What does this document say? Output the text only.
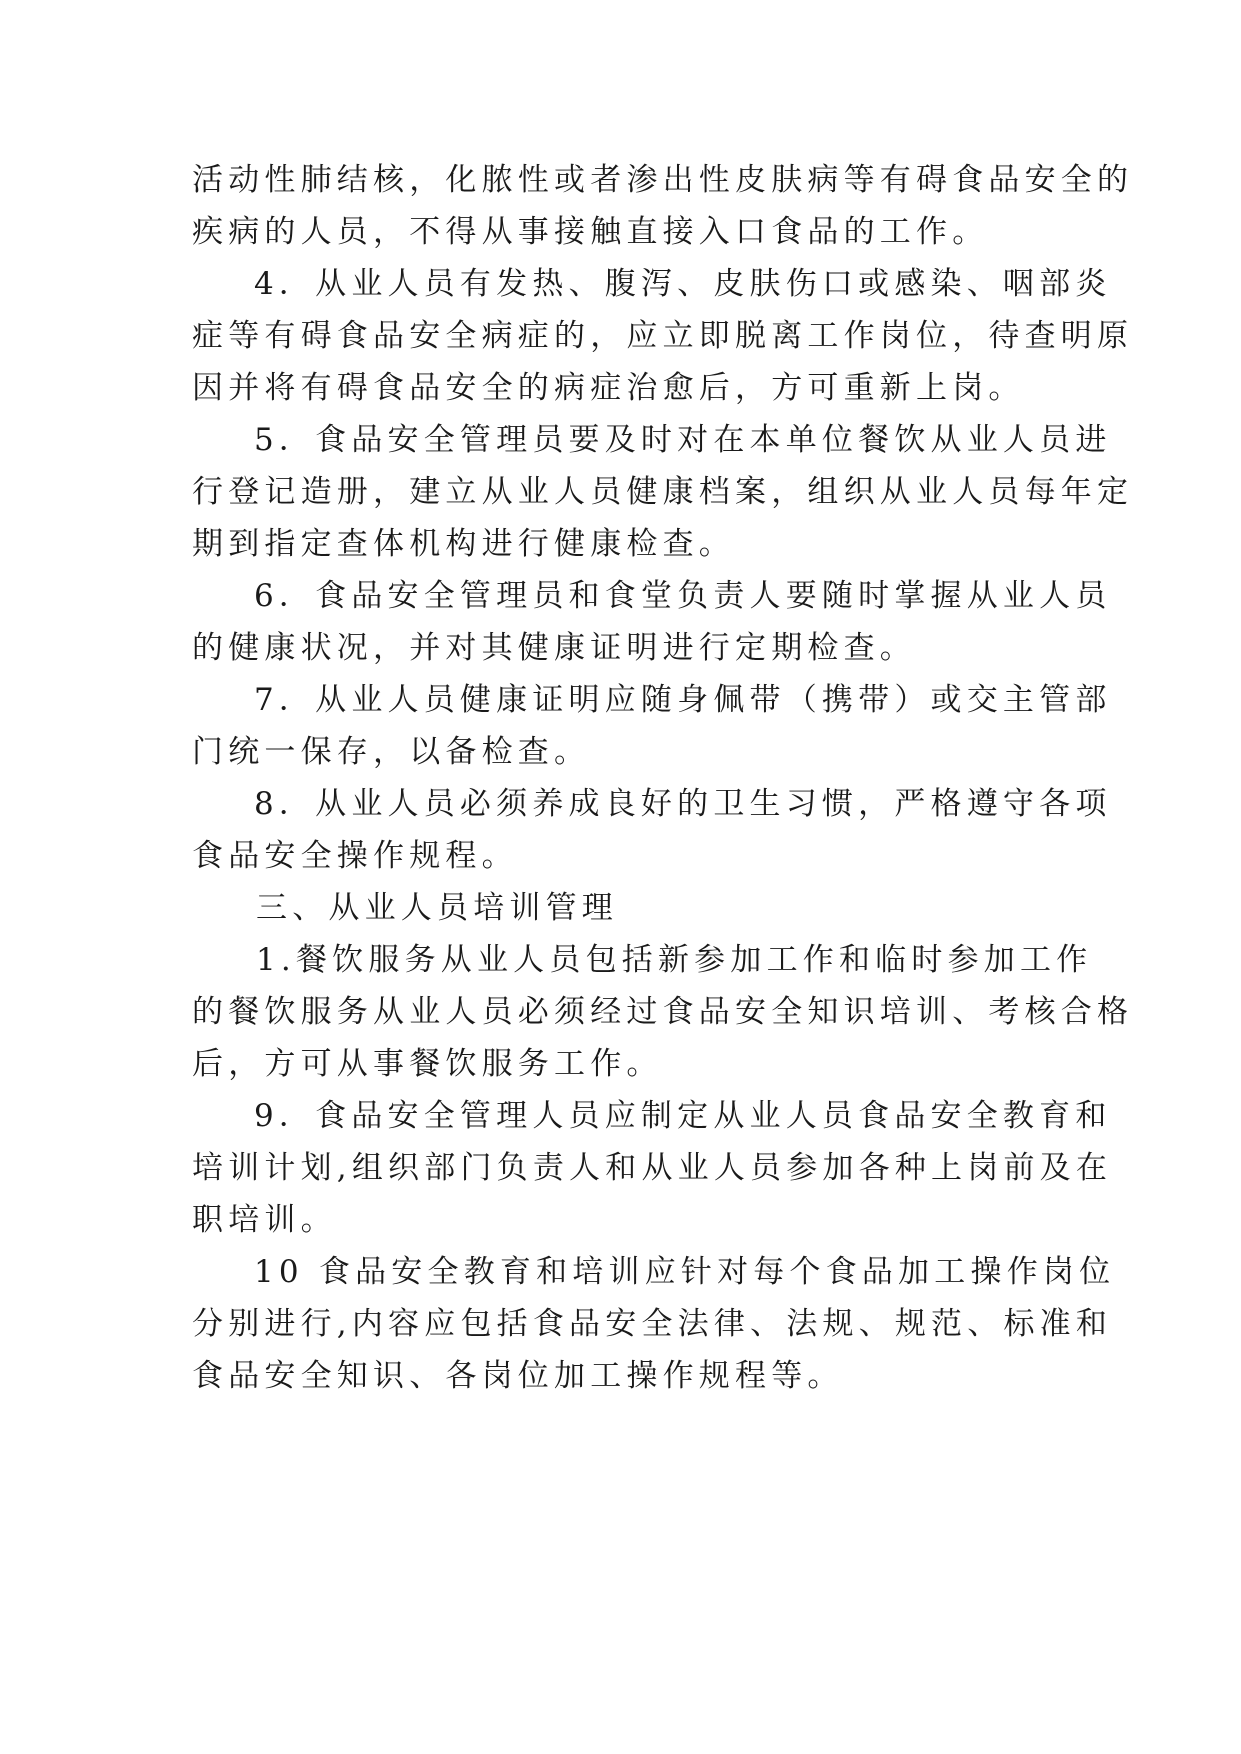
活动性肺结核，化脓性或者渗出性皮肤病等有碍食品安全的
疾病的人员，不得从事接触直接入口食品的工作。
4．从业人员有发热、腹泻、皮肤伤口或感染、咽部炎
症等有碍食品安全病症的，应立即脱离工作岗位，待查明原
因并将有碍食品安全的病症治愈后，方可重新上岗。
5．食品安全管理员要及时对在本单位餐饮从业人员进
行登记造册，建立从业人员健康档案，组织从业人员每年定
期到指定查体机构进行健康检查。
6．食品安全管理员和食堂负责人要随时掌握从业人员
的健康状况，并对其健康证明进行定期检查。
7．从业人员健康证明应随身佩带（携带）或交主管部
门统一保存，以备检查。
8．从业人员必须养成良好的卫生习惯，严格遵守各项
食品安全操作规程。
三、从业人员培训管理
1.餐饮服务从业人员包括新参加工作和临时参加工作
的餐饮服务从业人员必须经过食品安全知识培训、考核合格
后，方可从事餐饮服务工作。
9．食品安全管理人员应制定从业人员食品安全教育和
培训计划,组织部门负责人和从业人员参加各种上岗前及在
职培训。
10 食品安全教育和培训应针对每个食品加工操作岗位
分别进行,内容应包括食品安全法律、法规、规范、标准和
食品安全知识、各岗位加工操作规程等。
